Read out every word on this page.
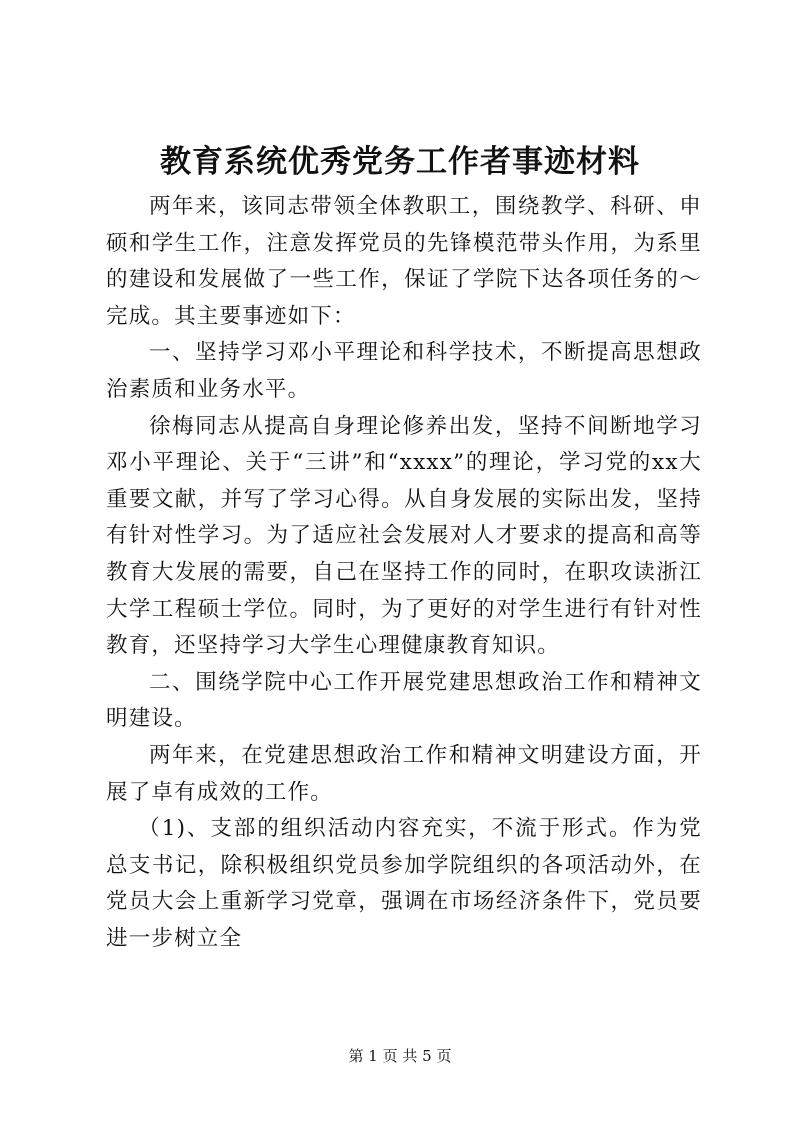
教育系统优秀党务工作者事迹材料

两年来，该同志带领全体教职工，围绕教学、科研、申硕和学生工作，注意发挥党员的先锋模范带头作用，为系里的建设和发展做了一些工作，保证了学院下达各项任务的～完成。其主要事迹如下：

一、坚持学习邓小平理论和科学技术，不断提高思想政治素质和业务水平。

徐梅同志从提高自身理论修养出发，坚持不间断地学习邓小平理论、关于“三讲”和“xxxx”的理论，学习党的xx大重要文献，并写了学习心得。从自身发展的实际出发，坚持有针对性学习。为了适应社会发展对人才要求的提高和高等教育大发展的需要，自己在坚持工作的同时，在职攻读浙江大学工程硕士学位。同时，为了更好的对学生进行有针对性教育，还坚持学习大学生心理健康教育知识。

二、围绕学院中心工作开展党建思想政治工作和精神文明建设。

两年来，在党建思想政治工作和精神文明建设方面，开展了卓有成效的工作。

（1)、支部的组织活动内容充实，不流于形式。作为党总支书记，除积极组织党员参加学院组织的各项活动外，在党员大会上重新学习党章，强调在市场经济条件下，党员要进一步树立全

第 1 页 共 5 页
